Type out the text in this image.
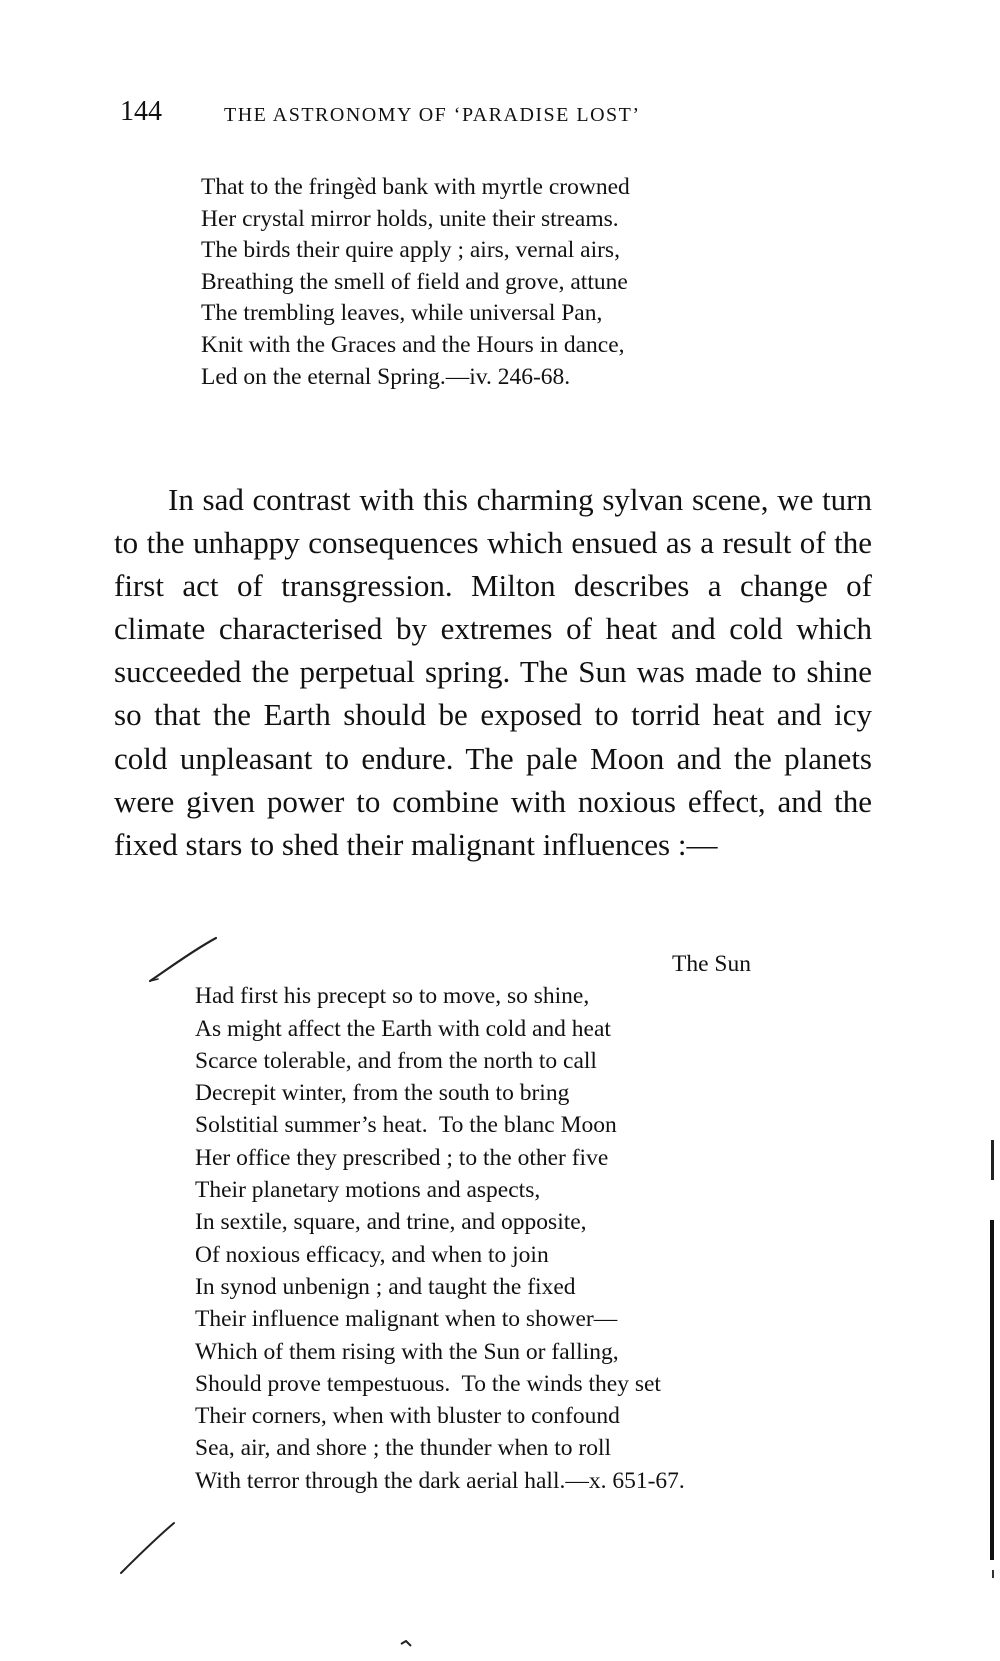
144	THE ASTRONOMY OF ‘PARADISE LOST’
That to the fringèd bank with myrtle crowned
Her crystal mirror holds, unite their streams.
The birds their quire apply ; airs, vernal airs,
Breathing the smell of field and grove, attune
The trembling leaves, while universal Pan,
Knit with the Graces and the Hours in dance,
Led on the eternal Spring.—iv. 246-68.

In sad contrast with this charming sylvan scene, we turn to the unhappy consequences which ensued as a result of the first act of transgression. Milton describes a change of climate characterised by extremes of heat and cold which succeeded the perpetual spring. The Sun was made to shine so that the Earth should be exposed to torrid heat and icy cold unpleasant to endure. The pale Moon and the planets were given power to combine with noxious effect, and the fixed stars to shed their malignant influences :—

The Sun
Had first his precept so to move, so shine,
As might affect the Earth with cold and heat
Scarce tolerable, and from the north to call
Decrepit winter, from the south to bring
Solstitial summer’s heat.  To the blanc Moon
Her office they prescribed ; to the other five
Their planetary motions and aspects,
In sextile, square, and trine, and opposite,
Of noxious efficacy, and when to join
In synod unbenign ; and taught the fixed
Their influence malignant when to shower—
Which of them rising with the Sun or falling,
Should prove tempestuous.  To the winds they set
Their corners, when with bluster to confound
Sea, air, and shore ; the thunder when to roll
With terror through the dark aerial hall.—x. 651-67.
